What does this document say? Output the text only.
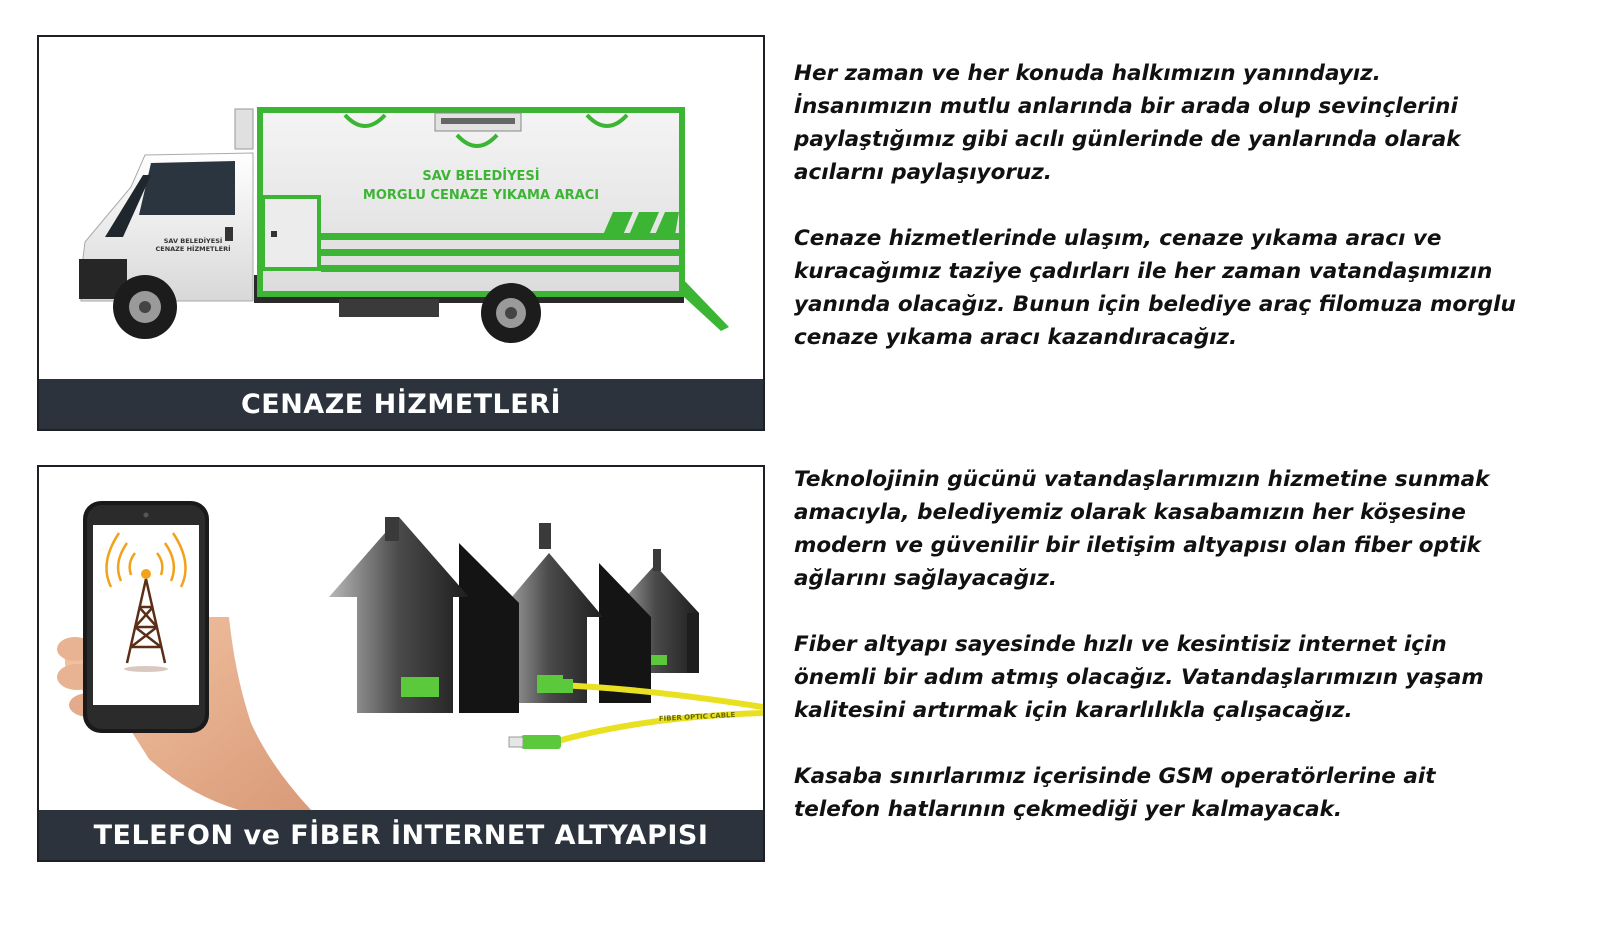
SAV BELEDİYESİ
MORGLU CENAZE YIKAMA ARACI
SAV BELEDİYESİ
CENAZE HİZMETLERİ
CENAZE HİZMETLERİ

Her zaman ve her konuda halkımızın yanındayız. İnsanımızın mutlu anlarında bir arada olup sevinçlerini paylaştığımız gibi acılı günlerinde de yanlarında olarak acılarnı paylaşıyoruz.

Cenaze hizmetlerinde ulaşım, cenaze yıkama aracı ve kuracağımız taziye çadırları ile her zaman vatandaşımızın yanında olacağız. Bunun için belediye araç filomuza morglu cenaze yıkama aracı kazandıracağız.

FIBER OPTIC CABLE
TELEFON ve FİBER İNTERNET ALTYAPISI

Teknolojinin gücünü vatandaşlarımızın hizmetine sunmak amacıyla, belediyemiz olarak kasabamızın her köşesine modern ve güvenilir bir iletişim altyapısı olan fiber optik ağlarını sağlayacağız.

Fiber altyapı sayesinde hızlı ve kesintisiz internet için önemli bir adım atmış olacağız. Vatandaşlarımızın yaşam kalitesini artırmak için kararlılıkla çalışacağız.

Kasaba sınırlarımız içerisinde GSM operatörlerine ait telefon hatlarının çekmediği yer kalmayacak.
